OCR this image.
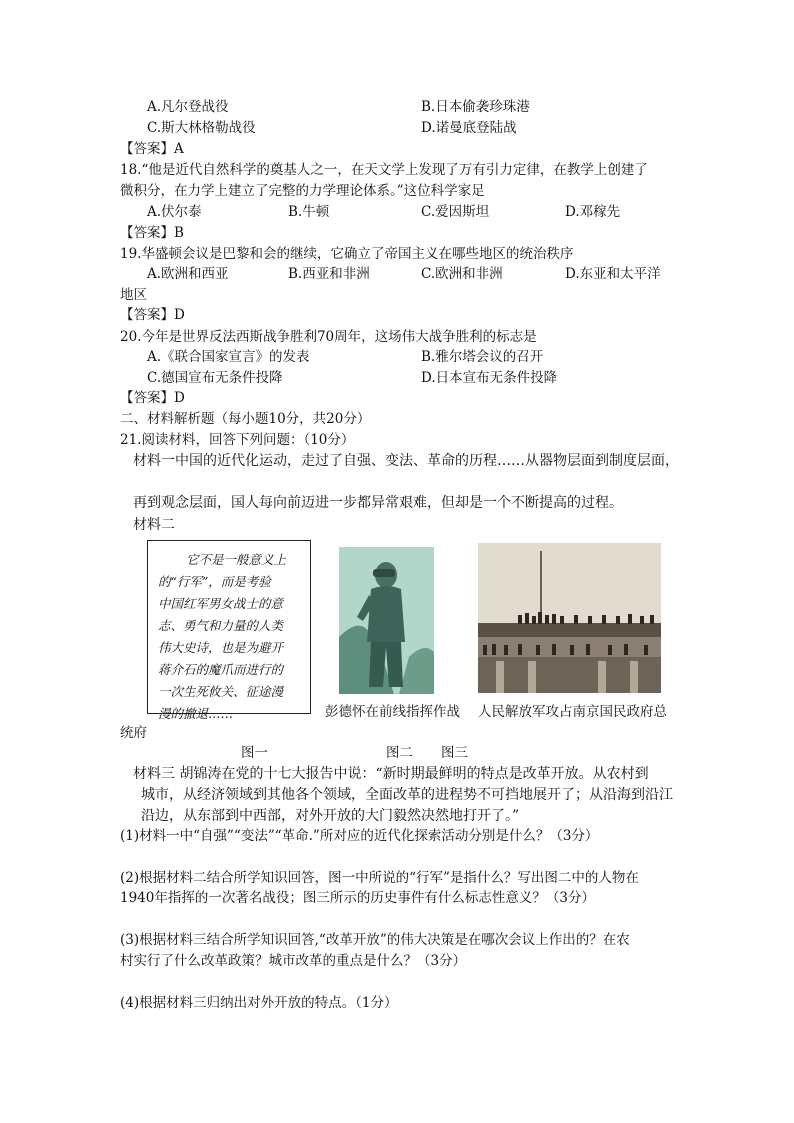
A.凡尔登战役	B.日本偷袭珍珠港
C.斯大林格勒战役	D.诺曼底登陆战
【答案】A
18.“他是近代自然科学的奠基人之一，在天文学上发现了万有引力定律，在教学上创建了
微积分，在力学上建立了完整的力学理论体系。”这位科学家足
A.伏尔泰	B.牛顿	C.爱因斯坦	D.邓稼先
【答案】B
19.华盛顿会议是巴黎和会的继续，它确立了帝国主义在哪些地区的统治秩序
A.欧洲和西亚	B.西亚和非洲	C.欧洲和非洲	D.东亚和太平洋
地区
【答案】D
20.今年是世界反法西斯战争胜利70周年，这场伟大战争胜利的标志是
A.《联合国家宣言》的发表	B.雅尔塔会议的召开
C.德国宣布无条件投降	D.日本宣布无条件投降
【答案】D
二、材料解析题（每小题10分，共20分）
21.阅读材料，回答下列问题：（10分）
材料一中国的近代化运动，走过了自强、变法、革命的历程……从器物层面到制度层面，
再到观念层面，国人每向前迈进一步都异常艰难，但却是一个不断提高的过程。
材料二
它不是一般意义上
的“行军”，而是考验
中国红军男女战士的意
志、勇气和力量的人类
伟大史诗，也是为避开
蒋介石的魔爪而进行的
一次生死攸关、征途漫
漫的撤退……	彭德怀在前线指挥作战 人民解放军攻占南京国民政府总
统府
图一	图二 图三
材料三 胡锦涛在党的十七大报告中说：“新时期最鲜明的特点是改革开放。从农村到
城市，从经济领域到其他各个领域，全面改革的进程势不可挡地展开了；从沿海到沿江
沿边，从东部到中西部，对外开放的大门毅然决然地打开了。”
(1)材料一中“自强”“变法”“革命.”所对应的近代化探索活动分别是什么？（3分）
(2)根据材料二结合所学知识回答，图一中所说的“行军”是指什么？写出图二中的人物在
1940年指挥的一次著名战役；图三所示的历史事件有什么标志性意义？（3分）
(3)根据材料三结合所学知识回答,“改革开放”的伟大决策是在哪次会议上作出的？在农
村实行了什么改革政策？城市改革的重点是什么？（3分）
(4)根据材料三归纳出对外开放的特点。（1分）
